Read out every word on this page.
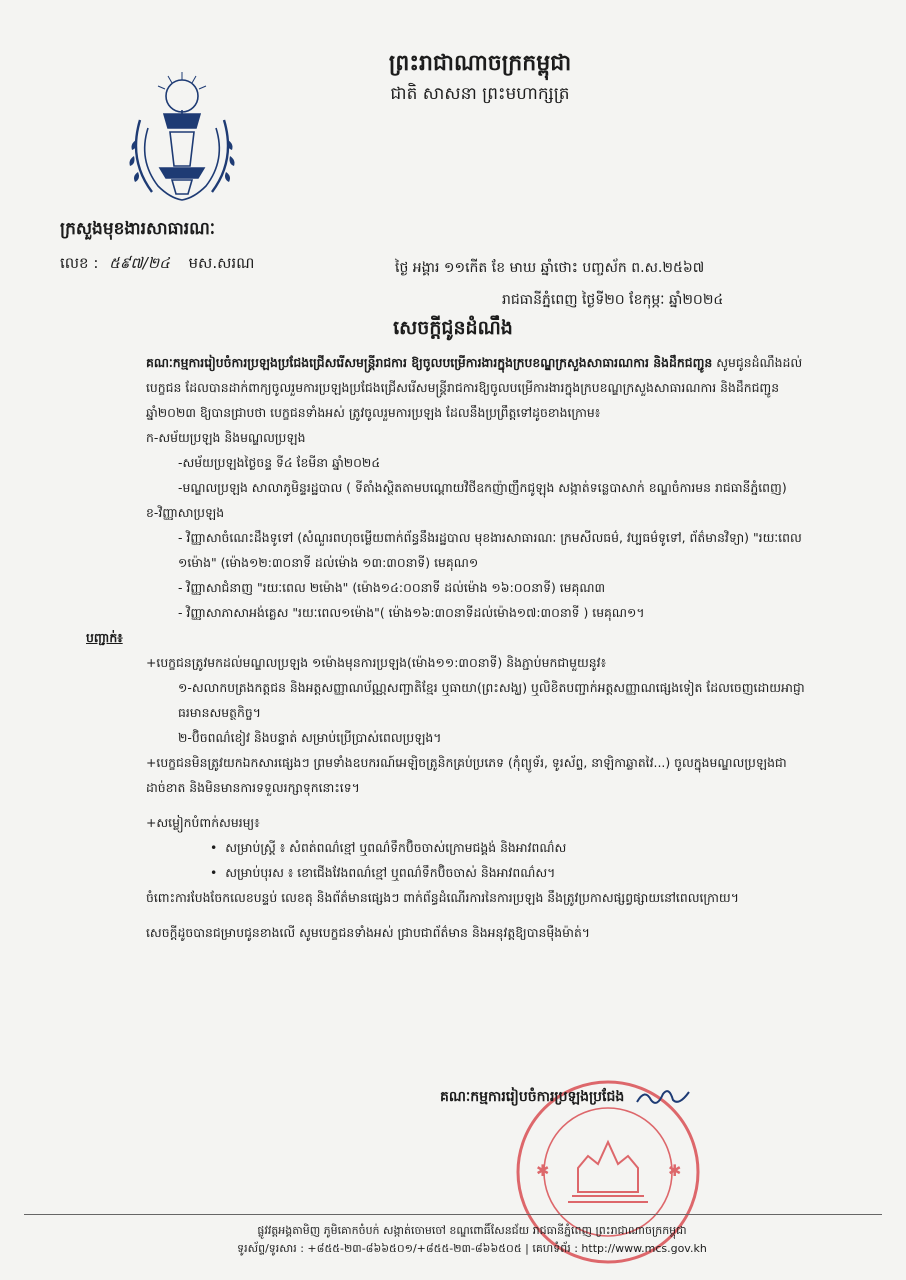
ព្រះរាជាណាចក្រកម្ពុជា
ជាតិ សាសនា ព្រះមហាក្សត្រ
ក្រសួងមុខងារសាធារណៈ
លេខ : ៥៩៧/២៤ មស.សរណ	ថ្ងៃ អង្គារ ១១កើត ខែ មាឃ ឆ្នាំថោះ បញ្ចស័ក ព.ស.២៥៦៧
រាជធានីភ្នំពេញ ថ្ងៃទី២០ ខែកុម្ភៈ ឆ្នាំ២០២៤
សេចក្តីជូនដំណឹង

គណៈកម្មការរៀបចំការប្រឡងប្រជែងជ្រើសរើសមន្ត្រីរាជការ ឱ្យចូលបម្រើការងារក្នុងក្របខណ្ឌក្រសួងសាធារណការ និងដឹកជញ្ជូន សូមជូនដំណឹងដល់បេក្ខជន ដែលបានដាក់ពាក្យចូលរួមការប្រឡងប្រជែងជ្រើសរើសមន្ត្រីរាជការឱ្យចូលបម្រើការងារក្នុងក្របខណ្ឌក្រសួងសាធារណការ និងដឹកជញ្ជូន ឆ្នាំ២០២៣ ឱ្យបានជ្រាបថា បេក្ខជនទាំងអស់ ត្រូវចូលរួមការប្រឡង ដែលនឹងប្រព្រឹត្តទៅដូចខាងក្រោម៖

ក-សម័យប្រឡង និងមណ្ឌលប្រឡង

-សម័យប្រឡងថ្ងៃចន្ទ ទី៤ ខែមីនា ឆ្នាំ២០២៤

-មណ្ឌលប្រឡង សាលាភូមិន្ទរដ្ឋបាល ( ទីតាំងស្ថិតតាមបណ្តោយវិថីឧកញ៉ាញឹកជូឡុង សង្កាត់ទន្លេបាសាក់ ខណ្ឌចំការមន រាជធានីភ្នំពេញ)

ខ-វិញ្ញាសាប្រឡង

- វិញ្ញាសាចំណេះដឹងទូទៅ (សំណួរពហុចម្លើយពាក់ព័ន្ធនឹងរដ្ឋបាល មុខងារសាធារណៈ ក្រមសីលធម៌, វប្បធម៌ទូទៅ, ព័ត៌មានវិទ្យា) "រយៈពេល ១ម៉ោង" (ម៉ោង១២:៣០នាទី ដល់ម៉ោង ១៣:៣០នាទី) មេគុណ១

- វិញ្ញាសាជំនាញ "រយៈពេល ២ម៉ោង" (ម៉ោង១៤:០០នាទី ដល់ម៉ោង ១៦:០០នាទី) មេគុណ៣

- វិញ្ញាសាភាសាអង់គ្លេស "រយៈពេល១ម៉ោង"( ម៉ោង១៦:៣០នាទីដល់ម៉ោង១៧:៣០នាទី ) មេគុណ១។

បញ្ជាក់៖

+បេក្ខជនត្រូវមកដល់មណ្ឌលប្រឡង ១ម៉ោងមុនការប្រឡង(ម៉ោង១១:៣០នាទី) និងភ្ជាប់មកជាមួយនូវ៖

១-សលាកបត្រងកត្តជន និងអត្តសញ្ញាណប័ណ្ណសញ្ជាតិខ្មែរ ឬធាយា(ព្រះសង្ឃ) ឬលិខិតបញ្ជាក់អត្តសញ្ញាណផ្សេងទៀត ដែលចេញដោយអាជ្ញាធរមានសមត្ថកិច្ច។

២-ប៊ិចពណ៌ខៀវ និងបន្ទាត់ សម្រាប់ប្រើប្រាស់ពេលប្រឡង។

+បេក្ខជនមិនត្រូវយកឯកសារផ្សេងៗ ព្រមទាំងឧបករណ៍អេឡិចត្រូនិកគ្រប់ប្រភេទ (កុំព្យូទ័រ, ទូរស័ព្ទ, នាឡិកាឆ្លាតវៃ...) ចូលក្នុងមណ្ឌលប្រឡងជាដាច់ខាត និងមិនមានការទទួលរក្សាទុកនោះទេ។

+សម្លៀកបំពាក់សមរម្យ៖

•  សម្រាប់ស្ត្រី ៖ សំពត់ពណ៌ខ្មៅ ឬពណ៌ទឹកប៊ិចចាស់ក្រោមជង្គង់ និងអាវពណ៌ស

•  សម្រាប់បុរស ៖ ខោជើងវែងពណ៌ខ្មៅ ឬពណ៌ទឹកប៊ិចចាស់ និងអាវពណ៌ស។

ចំពោះការបែងចែកលេខបន្ទប់ លេខតុ និងព័ត៌មានផ្សេងៗ ពាក់ព័ន្ធដំណើរការនៃការប្រឡង នឹងត្រូវប្រកាសផ្សព្វផ្សាយនៅពេលក្រោយ។

សេចក្តីដូចបានជម្រាបជូនខាងលើ សូមបេក្ខជនទាំងអស់ ជ្រាបជាព័ត៌មាន និងអនុវត្តឱ្យបានម៉ឺងម៉ាត់។

✱	✱
គណៈកម្មការរៀបចំការប្រឡងប្រជែង
ផ្លូវវត្តអង្គតាមិញ ភូមិគោកចំបក់ សង្កាត់ចោមចៅ ខណ្ឌពោធិ៍សែនជ័យ រាជធានីភ្នំពេញ ព្រះរាជាណាចក្រកម្ពុជា
ទូរស័ព្ទ/ទូរសារ : +៨៥៥-២៣-៨៦៦៥០១/+៨៥៥-២៣-៨៦៦៥០៥ | គេហទំព័រ : http://www.mcs.gov.kh
